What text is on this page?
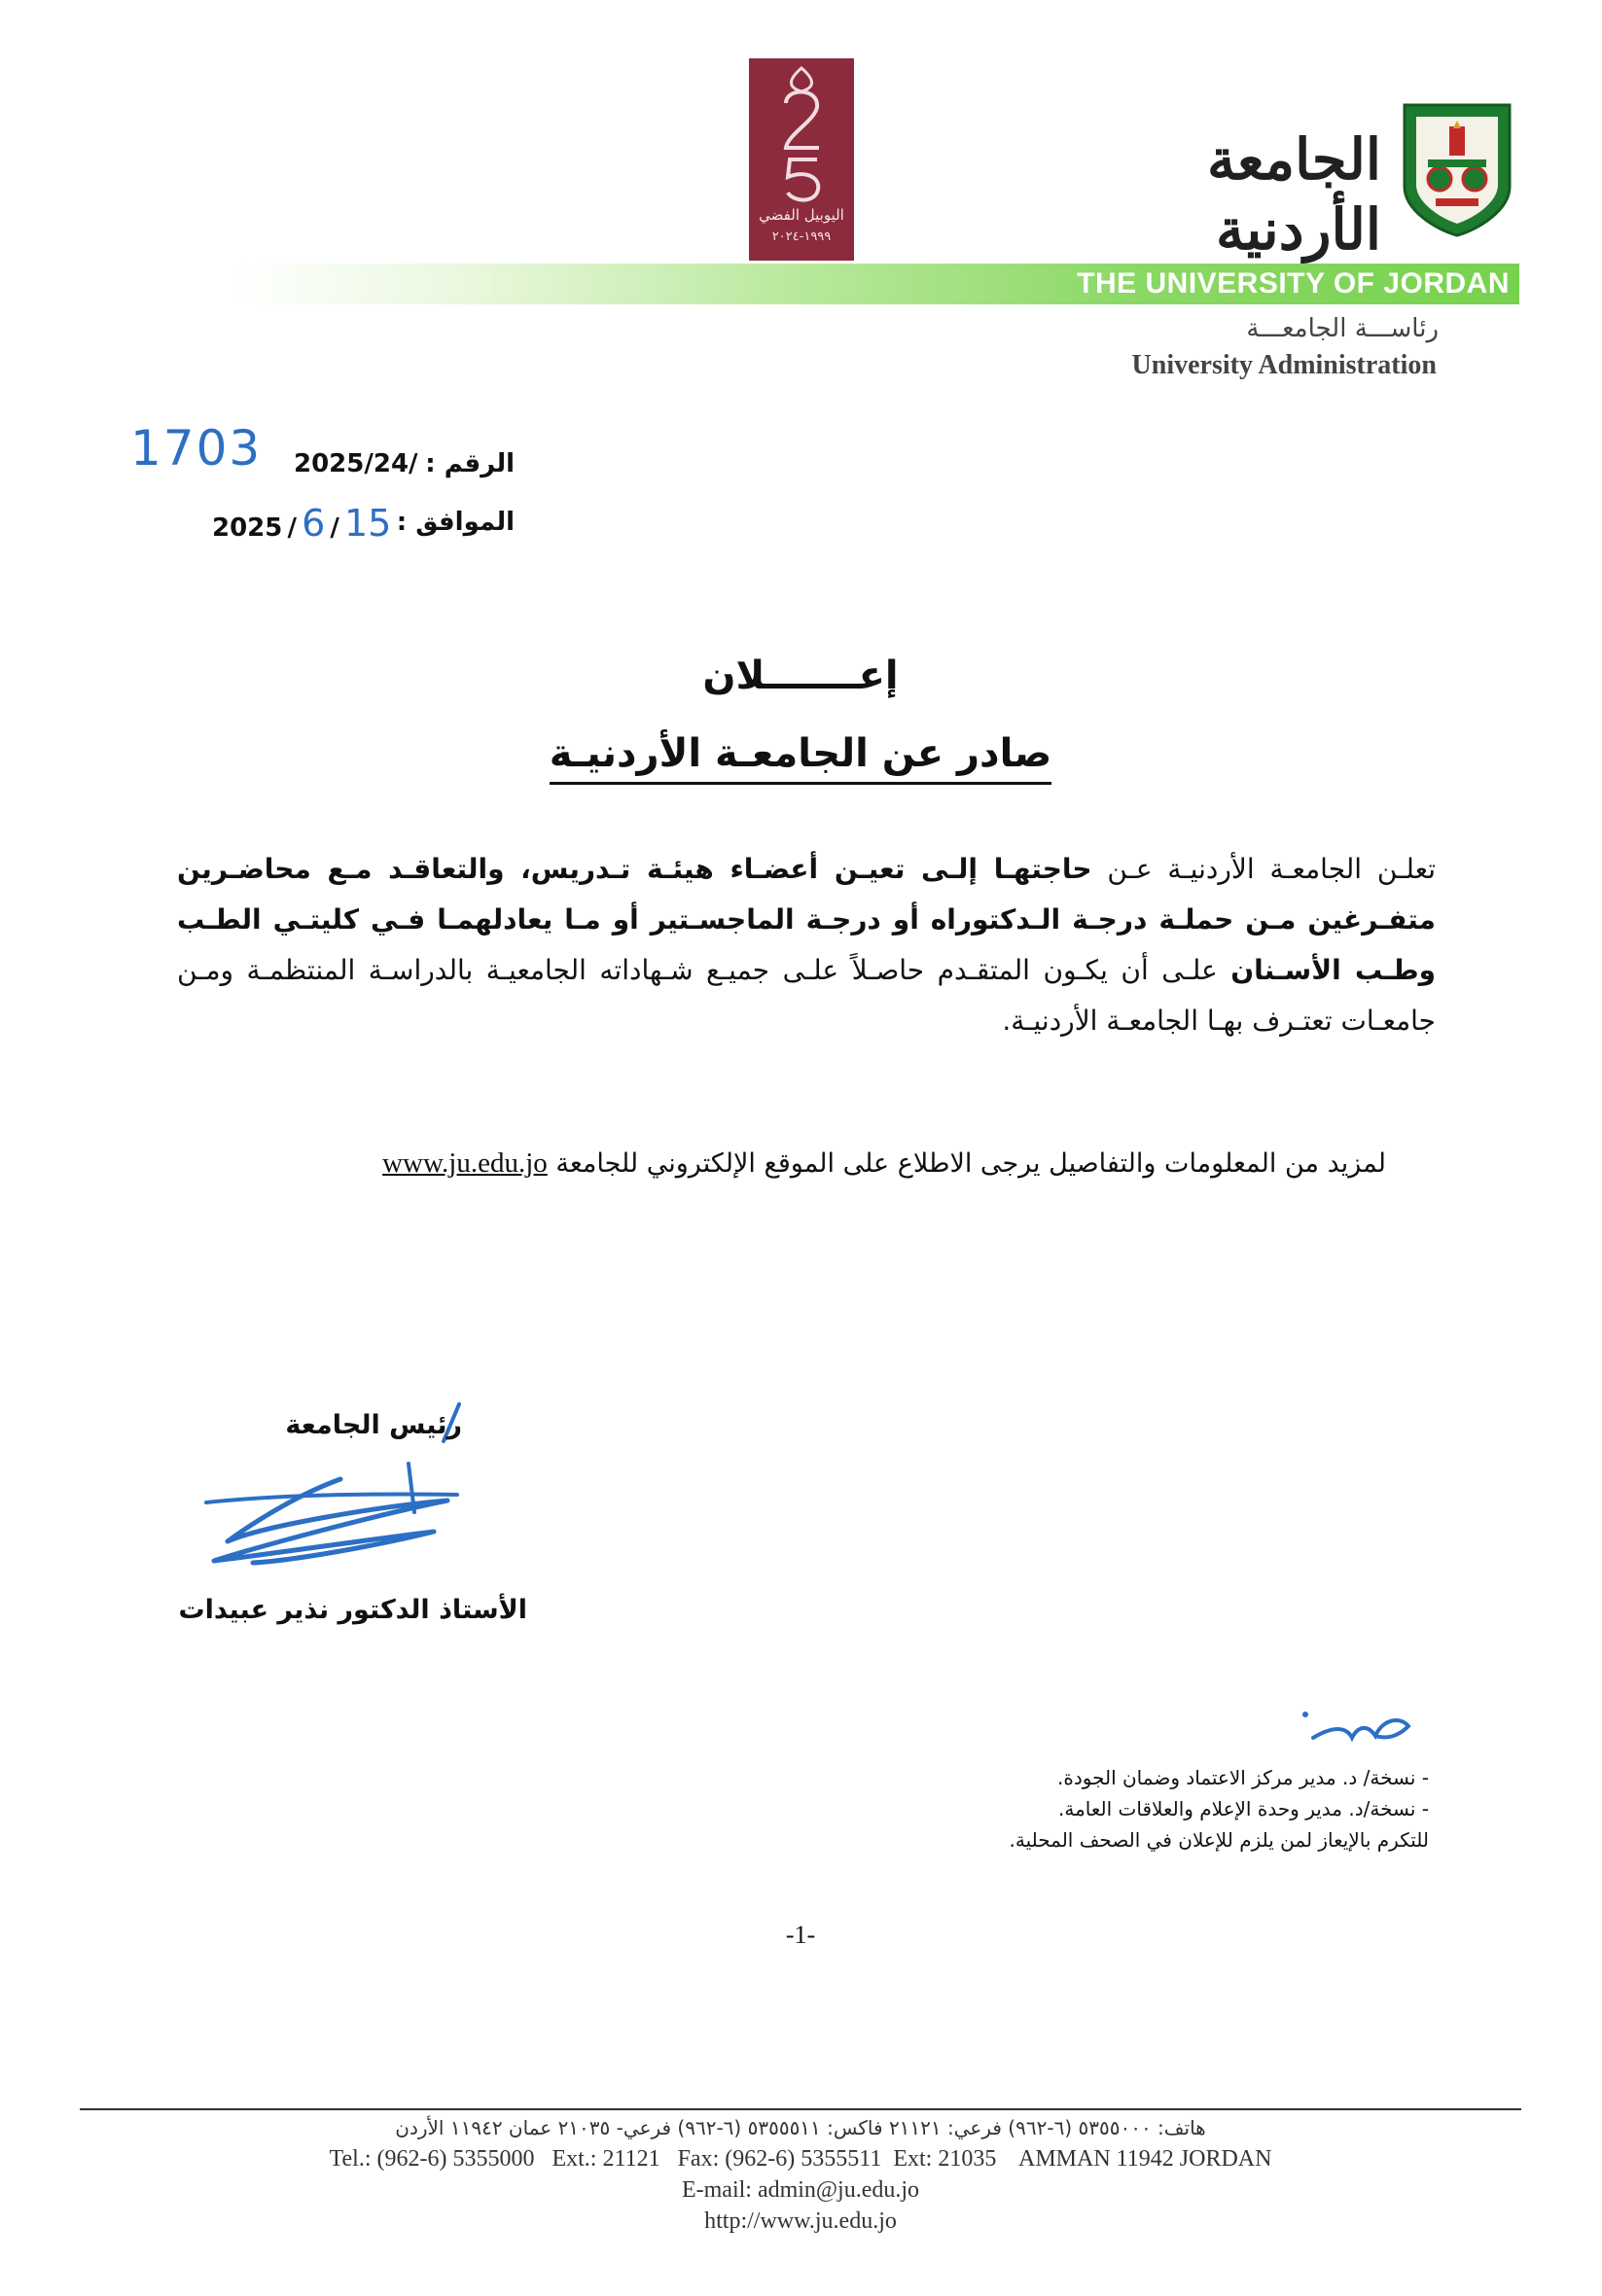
اليوبيل الفضي
١٩٩٩-٢٠٢٤
الجامعة الأردنية
THE UNIVERSITY OF JORDAN
رئاســـة الجامعـــة
University Administration
الرقم :
2025/24/
1703
الموافق :
2025 / 6 / 15
إعـــــــلان
صادر عن الجامعـة الأردنيـة
تعلـن الجامعـة الأردنيـة عـن حاجتهـا إلـى تعيـن أعضـاء هيئـة تـدريس، والتعاقـد مـع محاضـرين متفـرغين مـن حملـة درجـة الـدكتوراه أو درجـة الماجسـتير أو مـا يعادلهمـا فـي كليتـي الطـب وطـب الأسـنان علـى أن يكـون المتقـدم حاصـلاً علـى جميـع شـهاداته الجامعيـة بالدراسـة المنتظمـة ومـن جامعـات تعتـرف بهـا الجامعـة الأردنيـة.
لمزيد من المعلومات والتفاصيل يرجى الاطلاع على الموقع الإلكتروني للجامعة www.ju.edu.jo
رئيس الجامعة
الأستاذ الدكتور نذير عبيدات
- نسخة/ د. مدير مركز الاعتماد وضمان الجودة.
- نسخة/د. مدير وحدة الإعلام والعلاقات العامة.
للتكرم بالإيعاز لمن يلزم للإعلان في الصحف المحلية.
-1-
هاتف: ٥٣٥٥٠٠٠ (٦-٩٦٢) فرعي: ٢١١٢١ فاكس: ٥٣٥٥٥١١ (٦-٩٦٢) فرعي- ٢١٠٣٥ عمان ١١٩٤٢ الأردن
Tel.: (962-6) 5355000   Ext.: 21121   Fax: (962-6) 5355511  Ext: 21035    AMMAN 11942 JORDAN
E-mail: admin@ju.edu.jo
http://www.ju.edu.jo
